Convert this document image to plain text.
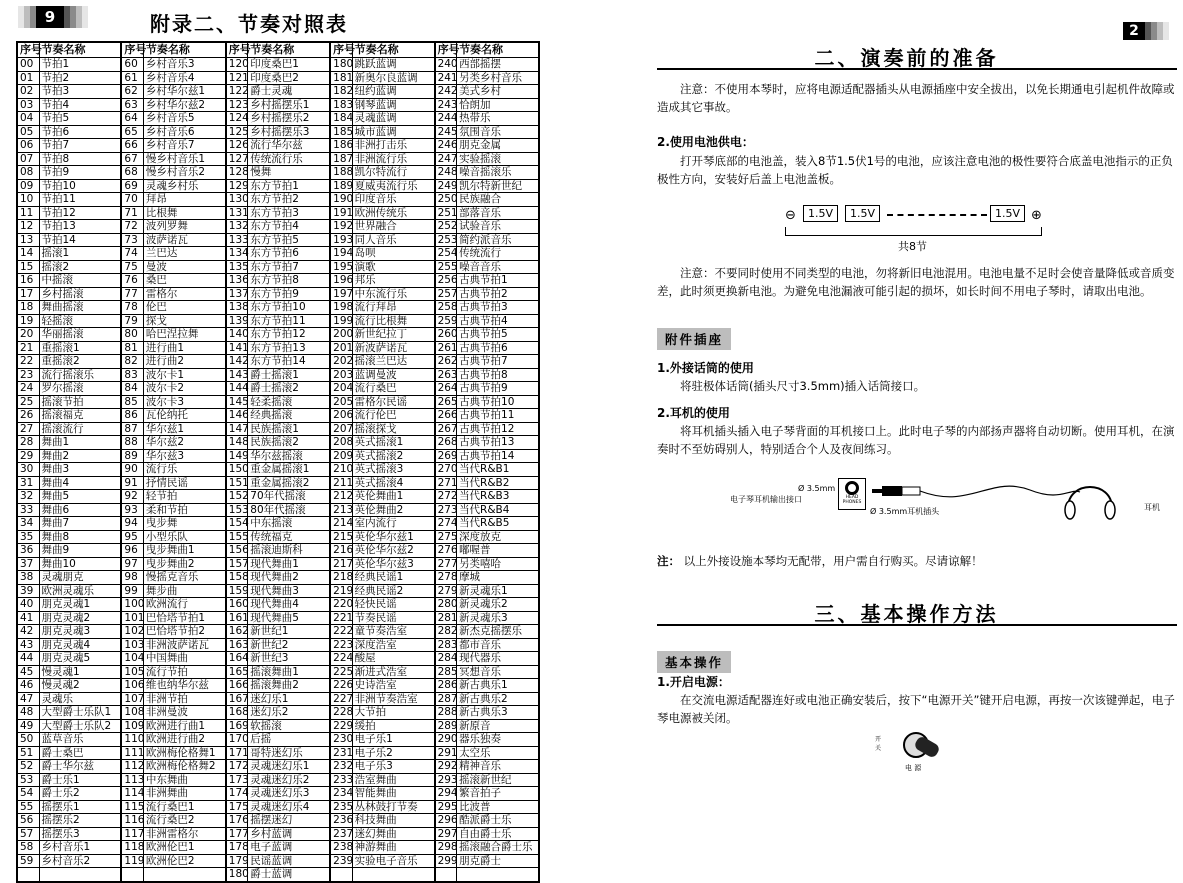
9	附录二、节奏对照表
序号	节奏名称	序号	节奏名称	序号	节奏名称	序号	节奏名称	序号	节奏名称
00	节拍1	60	乡村音乐3	120	印度桑巴1	180	跳跃蓝调	240	西部摇摆
01	节拍2	61	乡村音乐4	121	印度桑巴2	181	新奥尔良蓝调	241	另类乡村音乐
02	节拍3	62	乡村华尔兹1	122	爵士灵魂	182	纽约蓝调	242	美式乡村
03	节拍4	63	乡村华尔兹2	123	乡村摇摆乐1	183	钢琴蓝调	243	恰朗加
04	节拍5	64	乡村音乐5	124	乡村摇摆乐2	184	灵魂蓝调	244	热带乐
05	节拍6	65	乡村音乐6	125	乡村摇摆乐3	185	城市蓝调	245	氛围音乐
06	节拍7	66	乡村音乐7	126	流行华尔兹	186	非洲打击乐	246	朋克金属
07	节拍8	67	慢乡村音乐1	127	传统流行乐	187	非洲流行乐	247	实验摇滚
08	节拍9	68	慢乡村音乐2	128	慢舞	188	凯尔特流行	248	噪音摇滚乐
09	节拍10	69	灵魂乡村乐	129	东方节拍1	189	夏威夷流行乐	249	凯尔特新世纪
10	节拍11	70	拜昂	130	东方节拍2	190	印度音乐	250	民族融合
11	节拍12	71	比根舞	131	东方节拍3	191	欧洲传统乐	251	部落音乐
12	节拍13	72	波列罗舞	132	东方节拍4	192	世界融合	252	试验音乐
13	节拍14	73	波萨诺瓦	133	东方节拍5	193	同人音乐	253	简约派音乐
14	摇滚1	74	兰巴达	134	东方节拍6	194	岛呗	254	传统流行
15	摇滚2	75	曼波	135	东方节拍7	195	演歌	255	噪音音乐
16	中摇滚	76	桑巴	136	东方节拍8	196	邦乐	256	古典节拍1
17	乡村摇滚	77	雷格尔	137	东方节拍9	197	中东流行乐	257	古典节拍2
18	舞曲摇滚	78	伦巴	138	东方节拍10	198	流行拜昂	258	古典节拍3
19	轻摇滚	79	探戈	139	东方节拍11	199	流行比根舞	259	古典节拍4
20	华丽摇滚	80	哈巴涅拉舞	140	东方节拍12	200	新世纪拉丁	260	古典节拍5
21	重摇滚1	81	进行曲1	141	东方节拍13	201	新波萨诺瓦	261	古典节拍6
22	重摇滚2	82	进行曲2	142	东方节拍14	202	摇滚兰巴达	262	古典节拍7
23	流行摇滚乐	83	波尔卡1	143	爵士摇滚1	203	蓝调曼波	263	古典节拍8
24	罗尔摇滚	84	波尔卡2	144	爵士摇滚2	204	流行桑巴	264	古典节拍9
25	摇滚节拍	85	波尔卡3	145	轻柔摇滚	205	雷格尔民谣	265	古典节拍10
26	摇滚福克	86	瓦伦纳托	146	经典摇滚	206	流行伦巴	266	古典节拍11
27	摇滚流行	87	华尔兹1	147	民族摇滚1	207	摇滚探戈	267	古典节拍12
28	舞曲1	88	华尔兹2	148	民族摇滚2	208	英式摇滚1	268	古典节拍13
29	舞曲2	89	华尔兹3	149	华尔兹摇滚	209	英式摇滚2	269	古典节拍14
30	舞曲3	90	流行乐	150	重金属摇滚1	210	英式摇滚3	270	当代R&B1
31	舞曲4	91	抒情民谣	151	重金属摇滚2	211	英式摇滚4	271	当代R&B2
32	舞曲5	92	轻节拍	152	70年代摇滚	212	英伦舞曲1	272	当代R&B3
33	舞曲6	93	柔和节拍	153	80年代摇滚	213	英伦舞曲2	273	当代R&B4
34	舞曲7	94	曳步舞	154	中东摇滚	214	室内流行	274	当代R&B5
35	舞曲8	95	小型乐队	155	传统福克	215	英伦华尔兹1	275	深度放克
36	舞曲9	96	曳步舞曲1	156	摇滚迪斯科	216	英伦华尔兹2	276	嘟喔普
37	舞曲10	97	曳步舞曲2	157	现代舞曲1	217	英伦华尔兹3	277	另类嘻哈
38	灵魂朋克	98	慢摇克音乐	158	现代舞曲2	218	经典民谣1	278	摩城
39	欧洲灵魂乐	99	舞步曲	159	现代舞曲3	219	经典民谣2	279	新灵魂乐1
40	朋克灵魂1	100	欧洲流行	160	现代舞曲4	220	轻快民谣	280	新灵魂乐2
41	朋克灵魂2	101	巴恰塔节拍1	161	现代舞曲5	221	节奏民谣	281	新灵魂乐3
42	朋克灵魂3	102	巴恰塔节拍2	162	新世纪1	222	童节奏浩室	282	新杰克摇摆乐
43	朋克灵魂4	103	非洲波萨诺瓦	163	新世纪2	223	深度浩室	283	都市音乐
44	朋克灵魂5	104	中国舞曲	164	新世纪3	224	酸屋	284	现代器乐
45	慢灵魂1	105	流行节拍	165	摇滚舞曲1	225	渐进式浩室	285	冥想音乐
46	慢灵魂2	106	维也纳华尔兹	166	摇滚舞曲2	226	史诗浩室	286	新古典乐1
47	灵魂乐	107	非洲节拍	167	迷幻乐1	227	非洲节奏浩室	287	新古典乐2
48	大型爵士乐队1	108	非洲曼波	168	迷幻乐2	228	大节拍	288	新古典乐3
49	大型爵士乐队2	109	欧洲进行曲1	169	软摇滚	229	缓拍	289	新原音
50	蓝草音乐	110	欧洲进行曲2	170	后摇	230	电子乐1	290	器乐独奏
51	爵士桑巴	111	欧洲梅伦格舞1	171	哥特迷幻乐	231	电子乐2	291	太空乐
52	爵士华尔兹	112	欧洲梅伦格舞2	172	灵魂迷幻乐1	232	电子乐3	292	精神音乐
53	爵士乐1	113	中东舞曲	173	灵魂迷幻乐2	233	浩室舞曲	293	摇滚新世纪
54	爵士乐2	114	非洲舞曲	174	灵魂迷幻乐3	234	智能舞曲	294	繁音拍子
55	摇摆乐1	115	流行桑巴1	175	灵魂迷幻乐4	235	丛林鼓打节奏	295	比波普
56	摇摆乐2	116	流行桑巴2	176	摇摆迷幻	236	科技舞曲	296	酷派爵士乐
57	摇摆乐3	117	非洲雷格尔	177	乡村蓝调	237	迷幻舞曲	297	自由爵士乐
58	乡村音乐1	118	欧洲伦巴1	178	电子蓝调	238	神游舞曲	298	摇滚融合爵士乐
59	乡村音乐2	119	欧洲伦巴2	179	民谣蓝调	239	实验电子音乐	299	朋克爵士
				180	爵士蓝调				
2
二、演奏前的准备
注意：不使用本琴时，应将电源适配器插头从电源插座中安全拔出，以免长期通电引起机件故障或造成其它事故。
2.使用电池供电：
打开琴底部的电池盖，装入8节1.5伏1号的电池，应该注意电池的极性要符合底盖电池指示的正负极性方向，安装好后盖上电池盖板。
⊖	1.5V	1.5V	1.5V ⊕
共8节
注意：不要同时使用不同类型的电池，勿将新旧电池混用。电池电量不足时会使音量降低或音质变差，此时须更换新电池。为避免电池漏液可能引起的损坏，如长时间不用电子琴时，请取出电池。
附件插座
1.外接话筒的使用
将驻极体话筒(插头尺寸3.5mm)插入话筒接口。
2.耳机的使用
将耳机插头插入电子琴背面的耳机接口上。此时电子琴的内部扬声器将自动切断。使用耳机，在演奏时不至妨碍别人，特别适合个人及夜间练习。
Ø 3.5mm
电子琴耳机输出接口	HEAD PHONES
Ø 3.5mm耳机插头	耳机
注： 以上外接设施本琴均无配带，用户需自行购买。尽请谅解！
三、基本操作方法
基本操作
1.开启电源：
在交流电源适配器连好或电池正确安装后，按下“电源开关”键开启电源，再按一次该键弹起，电子琴电源被关闭。
开
关
电 源
